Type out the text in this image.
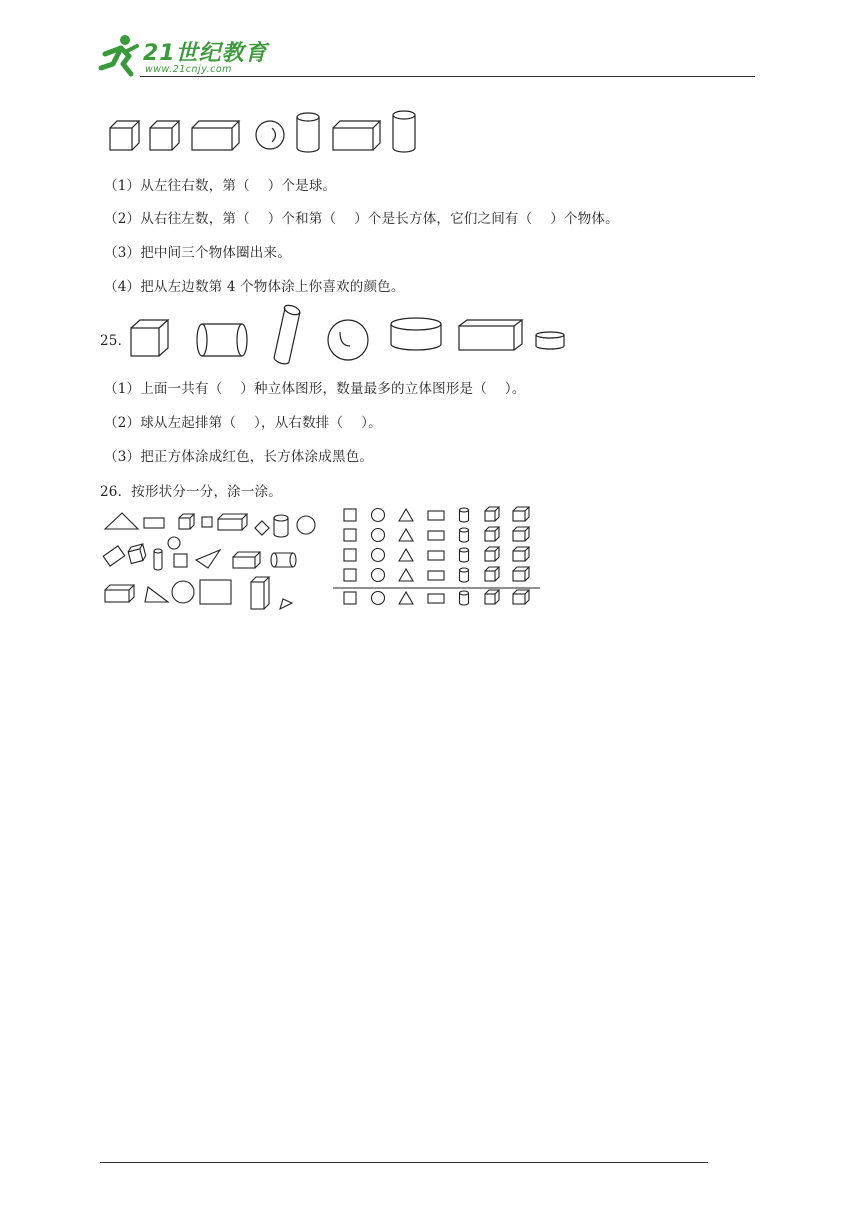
21世纪教育
www.21cnjy.com
（1）从左往右数，第（    ）个是球。
（2）从右往左数，第（    ）个和第（    ）个是长方体，它们之间有（    ）个物体。
（3）把中间三个物体圈出来。
（4）把从左边数第 4 个物体涂上你喜欢的颜色。
25．
（1）上面一共有（    ）种立体图形，数量最多的立体图形是（    ）。
（2）球从左起排第（    ），从右数排（    ）。
（3）把正方体涂成红色，长方体涂成黑色。
26．按形状分一分，涂一涂。
